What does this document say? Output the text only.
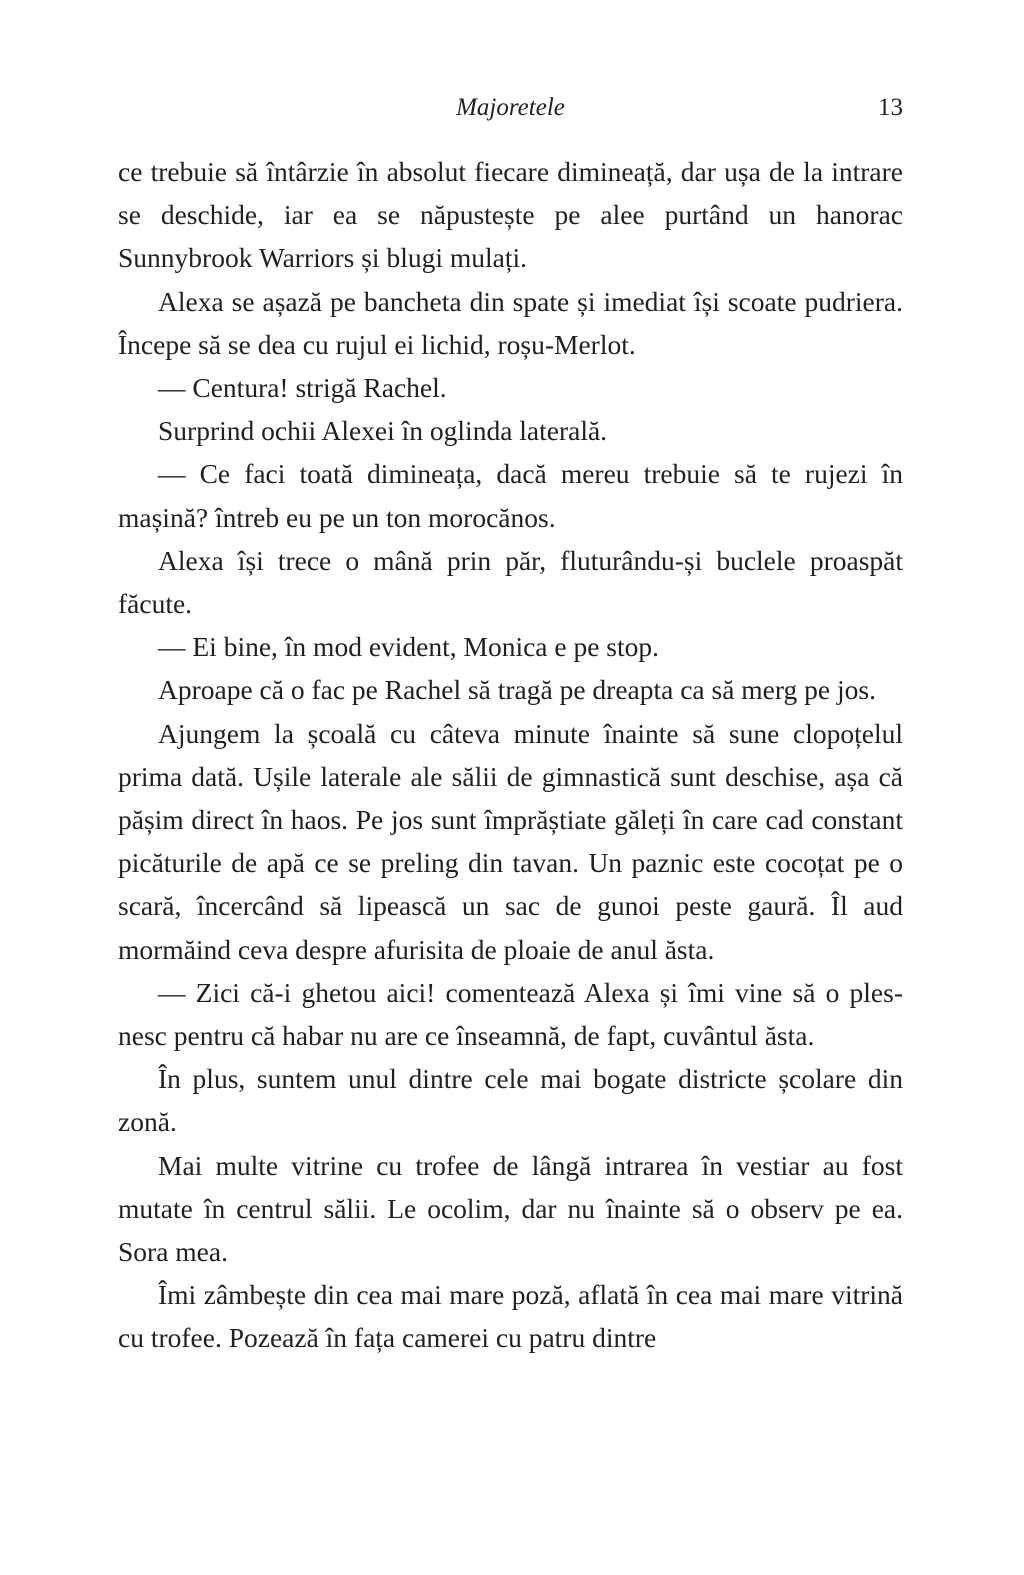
Majoretele	13

ce trebuie să întârzie în absolut fiecare dimineață, dar ușa de la intrare se deschide, iar ea se năpustește pe alee purtând un hanorac Sunnybrook Warriors și blugi mulați.

Alexa se așază pe bancheta din spate și imediat își scoate pudriera. Începe să se dea cu rujul ei lichid, roșu-Merlot.

— Centura! strigă Rachel.

Surprind ochii Alexei în oglinda laterală.

— Ce faci toată dimineața, dacă mereu trebuie să te rujezi în mașină? întreb eu pe un ton morocănos.

Alexa își trece o mână prin păr, fluturându-și buclele proaspăt făcute.

— Ei bine, în mod evident, Monica e pe stop.

Aproape că o fac pe Rachel să tragă pe dreapta ca să merg pe jos.

Ajungem la școală cu câteva minute înainte să sune clopoțelul prima dată. Ușile laterale ale sălii de gimnastică sunt deschise, așa că pășim direct în haos. Pe jos sunt împrăștiate găleți în care cad constant picăturile de apă ce se preling din tavan. Un paznic este cocoțat pe o scară, încercând să lipească un sac de gunoi peste gaură. Îl aud mormăind ceva despre afurisita de ploaie de anul ăsta.

— Zici că-i ghetou aici! comentează Alexa și îmi vine să o plesnesc pentru că habar nu are ce înseamnă, de fapt, cuvântul ăsta.

În plus, suntem unul dintre cele mai bogate districte școlare din zonă.

Mai multe vitrine cu trofee de lângă intrarea în vestiar au fost mutate în centrul sălii. Le ocolim, dar nu înainte să o observ pe ea. Sora mea.

Îmi zâmbește din cea mai mare poză, aflată în cea mai mare vitrină cu trofee. Pozează în fața camerei cu patru dintre
